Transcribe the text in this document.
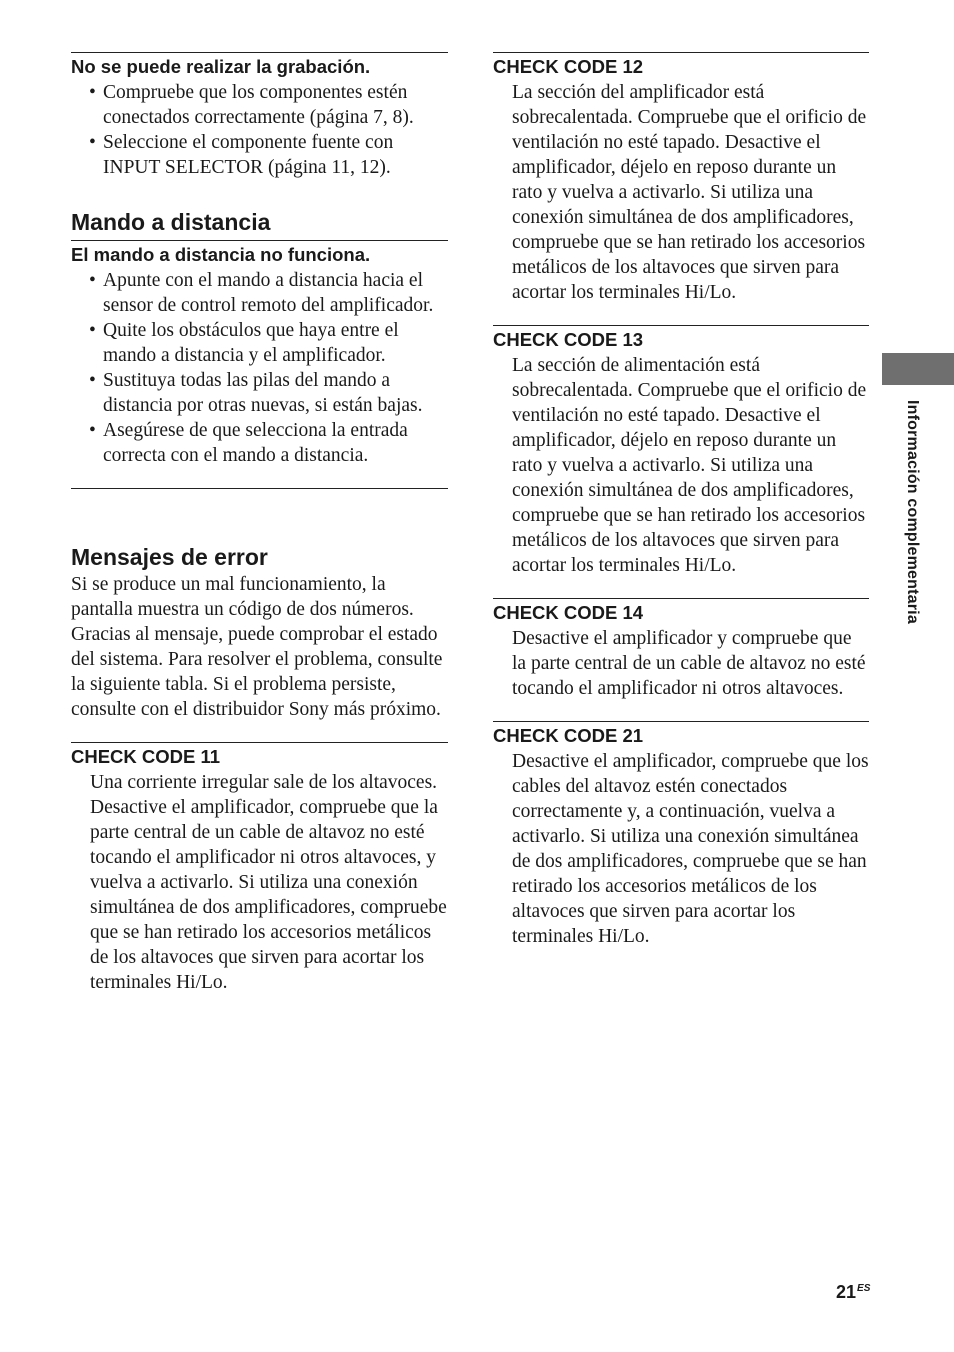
No se puede realizar la grabación.
• Compruebe que los componentes estén conectados correctamente (página 7, 8).
• Seleccione el componente fuente con INPUT SELECTOR (página 11, 12).
Mando a distancia
El mando a distancia no funciona.
• Apunte con el mando a distancia hacia el sensor de control remoto del amplificador.
• Quite los obstáculos que haya entre el mando a distancia y el amplificador.
• Sustituya todas las pilas del mando a distancia por otras nuevas, si están bajas.
• Asegúrese de que selecciona la entrada correcta con el mando a distancia.
Mensajes de error

Si se produce un mal funcionamiento, la pantalla muestra un código de dos números. Gracias al mensaje, puede comprobar el estado del sistema. Para resolver el problema, consulte la siguiente tabla. Si el problema persiste, consulte con el distribuidor Sony más próximo.

CHECK CODE 11

Una corriente irregular sale de los altavoces. Desactive el amplificador, compruebe que la parte central de un cable de altavoz no esté tocando el amplificador ni otros altavoces, y vuelva a activarlo. Si utiliza una conexión simultánea de dos amplificadores, compruebe que se han retirado los accesorios metálicos de los altavoces que sirven para acortar los terminales Hi/Lo.

CHECK CODE 12

La sección del amplificador está sobrecalentada. Compruebe que el orificio de ventilación no esté tapado. Desactive el amplificador, déjelo en reposo durante un rato y vuelva a activarlo. Si utiliza una conexión simultánea de dos amplificadores, compruebe que se han retirado los accesorios metálicos de los altavoces que sirven para acortar los terminales Hi/Lo.

CHECK CODE 13

La sección de alimentación está sobrecalentada. Compruebe que el orificio de ventilación no esté tapado. Desactive el amplificador, déjelo en reposo durante un rato y vuelva a activarlo. Si utiliza una conexión simultánea de dos amplificadores, compruebe que se han retirado los accesorios metálicos de los altavoces que sirven para acortar los terminales Hi/Lo.

CHECK CODE 14

Desactive el amplificador y compruebe que la parte central de un cable de altavoz no esté tocando el amplificador ni otros altavoces.

CHECK CODE 21

Desactive el amplificador, compruebe que los cables del altavoz estén conectados correctamente y, a continuación, vuelva a activarlo. Si utiliza una conexión simultánea de dos amplificadores, compruebe que se han retirado los accesorios metálicos de los altavoces que sirven para acortar los terminales Hi/Lo.

Información complementaria
$21^{ES}$
